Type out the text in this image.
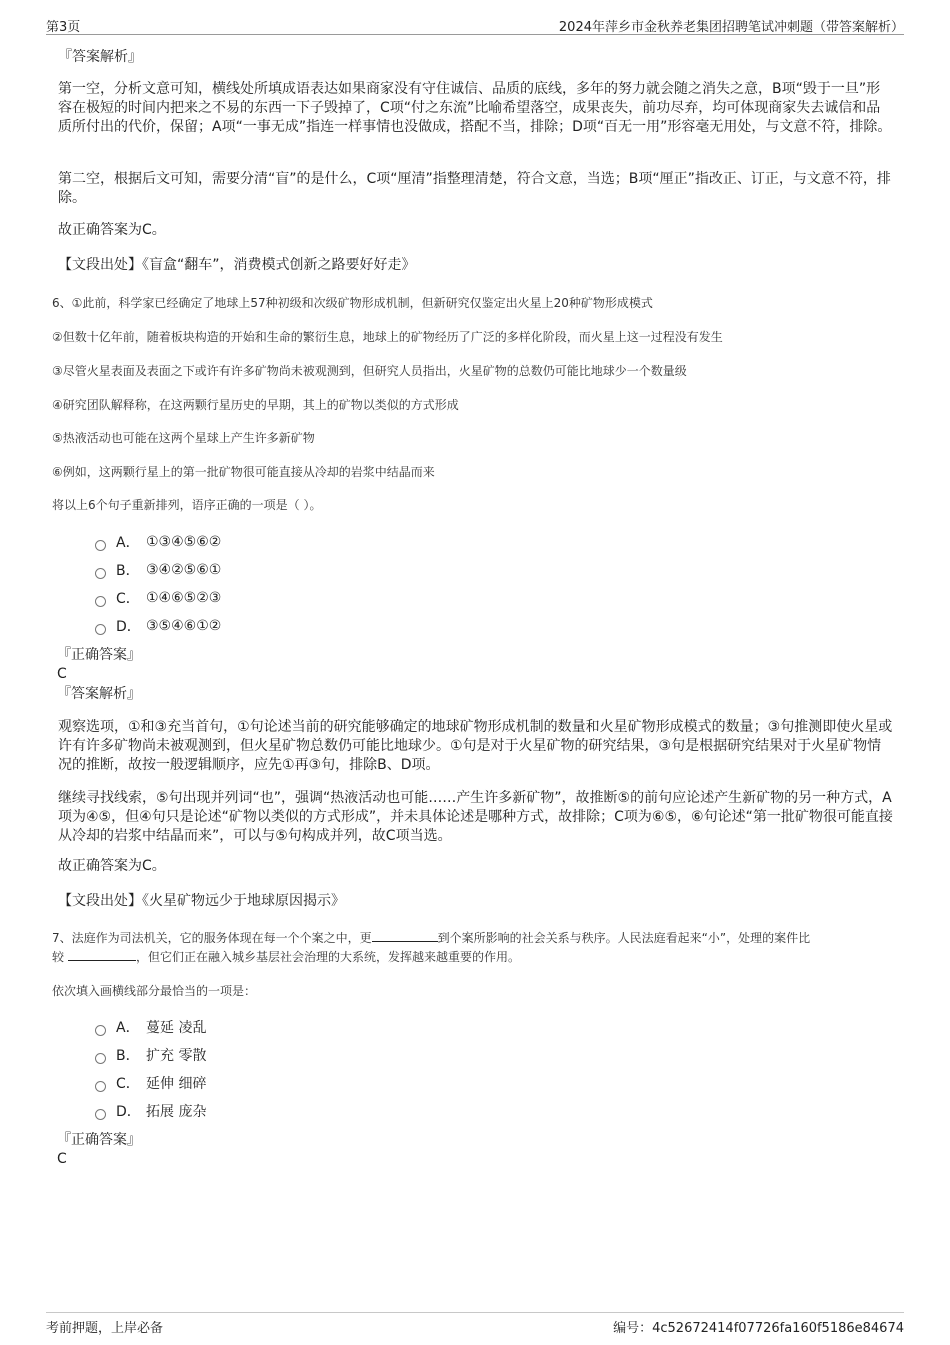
第3页	2024年萍乡市金秋养老集团招聘笔试冲刺题（带答案解析）
『答案解析』
第一空，分析文意可知，横线处所填成语表达如果商家没有守住诚信、品质的底线，多年的努力就会随之消失之意，B项“毁于一旦”形容在极短的时间内把来之不易的东西一下子毁掉了，C项“付之东流”比喻希望落空，成果丧失，前功尽弃，均可体现商家失去诚信和品质所付出的代价，保留；A项“一事无成”指连一样事情也没做成，搭配不当，排除；D项“百无一用”形容毫无用处，与文意不符，排除。
第二空，根据后文可知，需要分清“盲”的是什么，C项“厘清”指整理清楚，符合文意，当选；B项“厘正”指改正、订正，与文意不符，排除。
故正确答案为C。
【文段出处】《盲盒“翻车”，消费模式创新之路要好好走》
6、①此前，科学家已经确定了地球上57种初级和次级矿物形成机制，但新研究仅鉴定出火星上20种矿物形成模式
②但数十亿年前，随着板块构造的开始和生命的繁衍生息，地球上的矿物经历了广泛的多样化阶段，而火星上这一过程没有发生
③尽管火星表面及表面之下或许有许多矿物尚未被观测到，但研究人员指出，火星矿物的总数仍可能比地球少一个数量级
④研究团队解释称，在这两颗行星历史的早期，其上的矿物以类似的方式形成
⑤热液活动也可能在这两个星球上产生许多新矿物
⑥例如，这两颗行星上的第一批矿物很可能直接从冷却的岩浆中结晶而来
将以上6个句子重新排列，语序正确的一项是（ ）。
A． ①③④⑤⑥②
B． ③④②⑤⑥①
C． ①④⑥⑤②③
D． ③⑤④⑥①②
『正确答案』
C
『答案解析』
观察选项，①和③充当首句，①句论述当前的研究能够确定的地球矿物形成机制的数量和火星矿物形成模式的数量；③句推测即使火星或许有许多矿物尚未被观测到，但火星矿物总数仍可能比地球少。①句是对于火星矿物的研究结果，③句是根据研究结果对于火星矿物情况的推断，故按一般逻辑顺序，应先①再③句，排除B、D项。
继续寻找线索，⑤句出现并列词“也”，强调“热液活动也可能……产生许多新矿物”，故推断⑤的前句应论述产生新矿物的另一种方式，A项为④⑤，但④句只是论述“矿物以类似的方式形成”，并未具体论述是哪种方式，故排除；C项为⑥⑤，⑥句论述“第一批矿物很可能直接从冷却的岩浆中结晶而来”，可以与⑤句构成并列，故C项当选。
故正确答案为C。
【文段出处】《火星矿物远少于地球原因揭示》
7、法庭作为司法机关，它的服务体现在每一个个案之中，更	到个案所影响的社会关系与秩序。人民法庭看起来“小”，处理的案件比
较	，但它们正在融入城乡基层社会治理的大系统，发挥越来越重要的作用。
依次填入画横线部分最恰当的一项是：
A． 蔓延 凌乱
B． 扩充 零散
C． 延伸 细碎
D． 拓展 庞杂
『正确答案』
C
考前押题，上岸必备	编号：4c52672414f07726fa160f5186e84674
